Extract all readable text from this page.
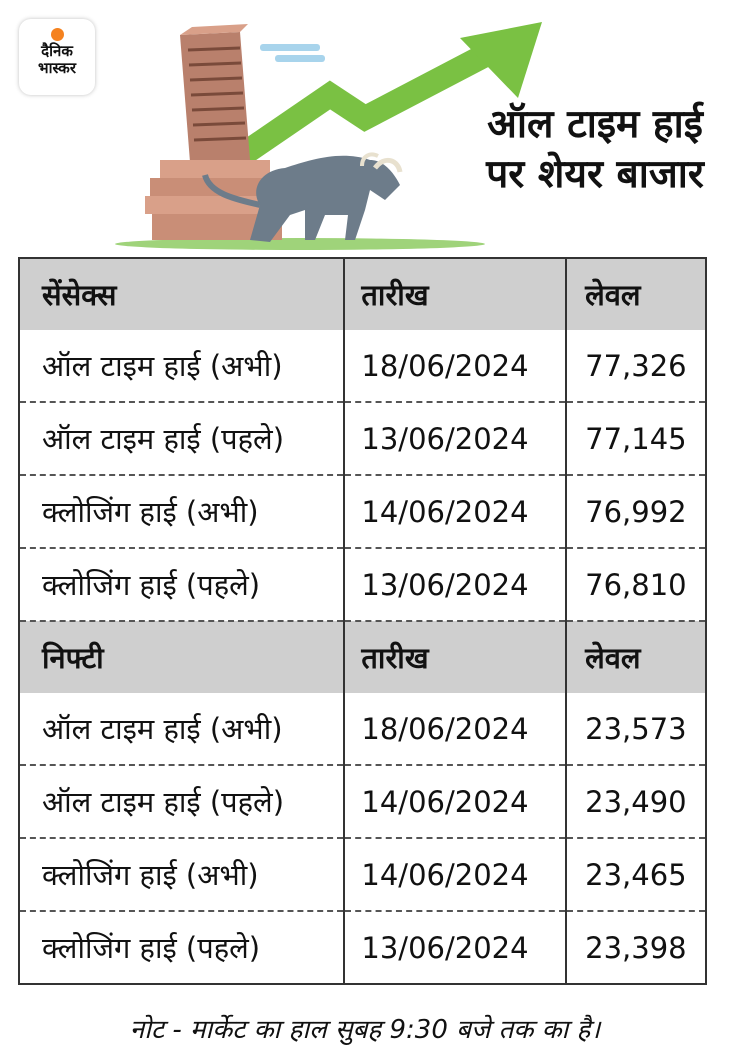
दैनिक
भास्कर
ऑल टाइम हाई पर शेयर बाजार
सेंसेक्स	तारीख	लेवल
ऑल टाइम हाई (अभी)	18/06/2024	77,326
ऑल टाइम हाई (पहले)	13/06/2024	77,145
क्लोजिंग हाई (अभी)	14/06/2024	76,992
क्लोजिंग हाई (पहले)	13/06/2024	76,810
निफ्टी	तारीख	लेवल
ऑल टाइम हाई (अभी)	18/06/2024	23,573
ऑल टाइम हाई (पहले)	14/06/2024	23,490
क्लोजिंग हाई (अभी)	14/06/2024	23,465
क्लोजिंग हाई (पहले)	13/06/2024	23,398
नोट - मार्केट का हाल सुबह 9:30 बजे तक का है।
